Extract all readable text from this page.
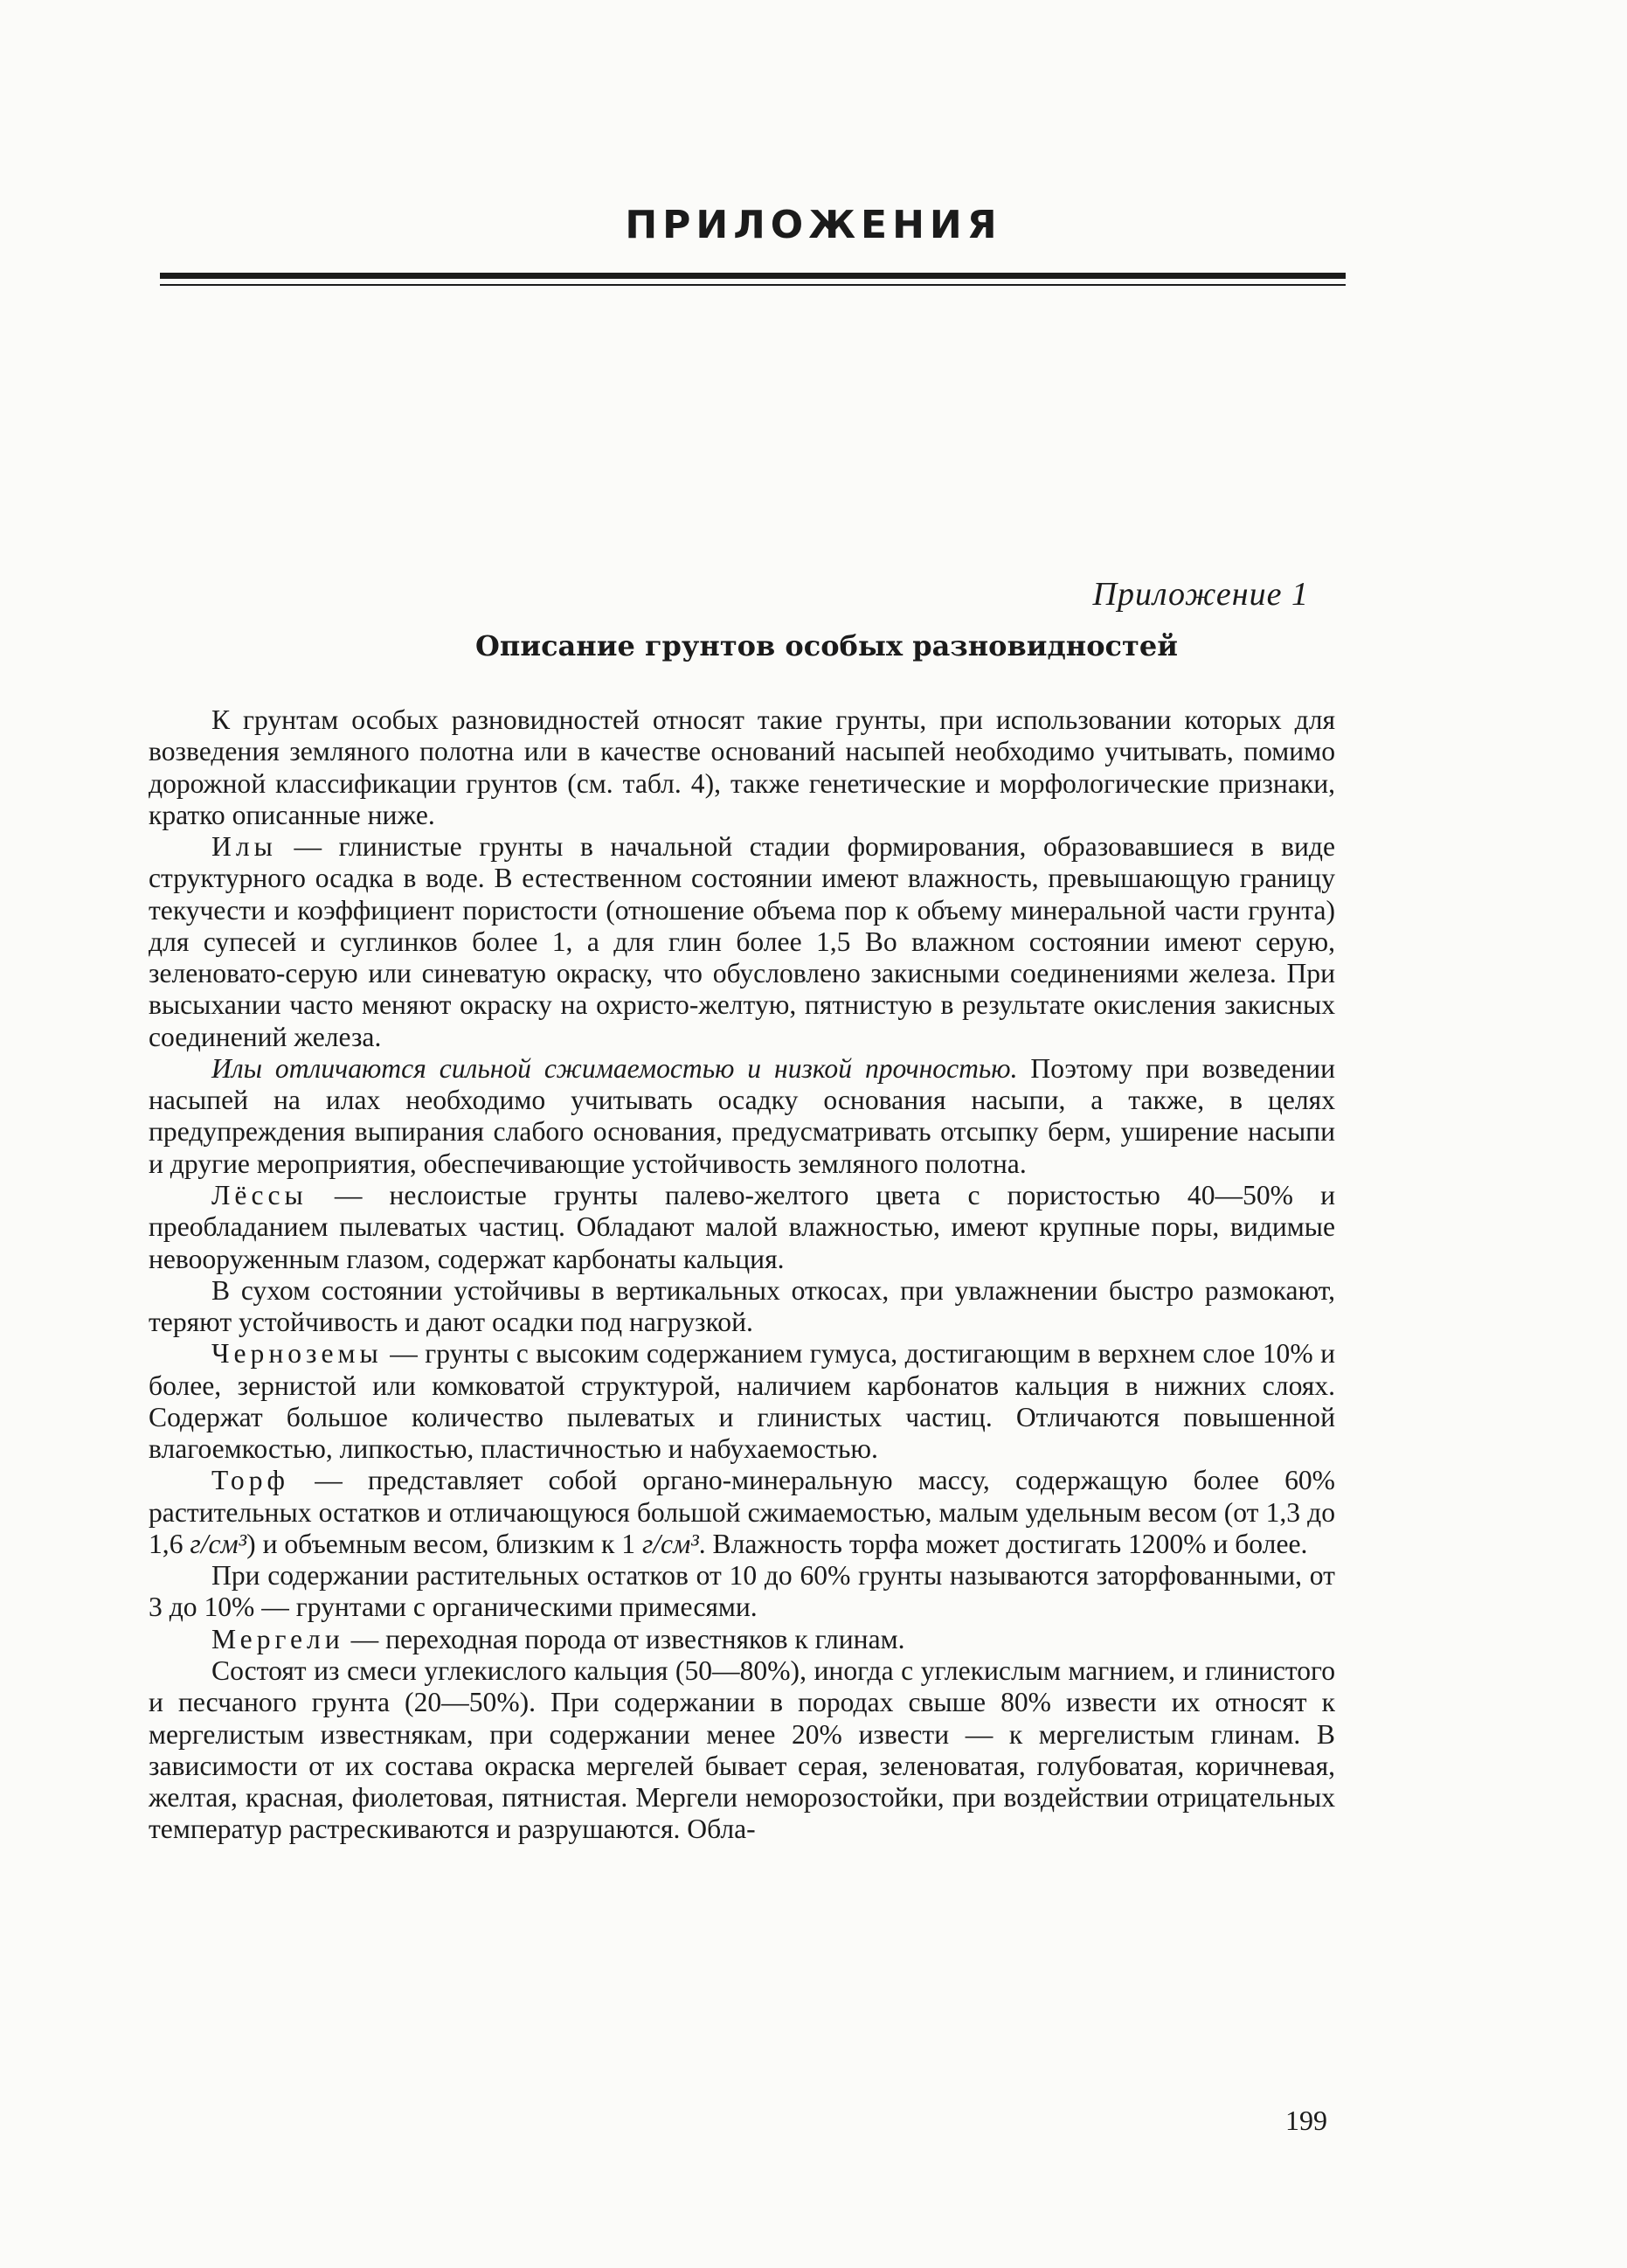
ПРИЛОЖЕНИЯ
Приложение 1
Описание грунтов особых разновидностей

К грунтам особых разновидностей относят такие грунты, при использовании которых для возведения земляного полотна или в качестве оснований насыпей необходимо учитывать, помимо дорожной классификации грунтов (см. табл. 4), также генетические и морфологические признаки, кратко описанные ниже.

Илы — глинистые грунты в начальной стадии формирования, образовавшиеся в виде структурного осадка в воде. В естественном состоянии имеют влажность, превышающую границу текучести и коэффициент пористости (отношение объема пор к объему минеральной части грунта) для супесей и суглинков более 1, а для глин более 1,5 Во влажном состоянии имеют серую, зеленовато-серую или синеватую окраску, что обусловлено закисными соединениями железа. При высыхании часто меняют окраску на охристо-желтую, пятнистую в результате окисления закисных соединений железа.

Илы отличаются сильной сжимаемостью и низкой прочностью. Поэтому при возведении насыпей на илах необходимо учитывать осадку основания насыпи, а также, в целях предупреждения выпирания слабого основания, предусматривать отсыпку берм, уширение насыпи и другие мероприятия, обеспечивающие устойчивость земляного полотна.

Лёссы — неслоистые грунты палево-желтого цвета с пористостью 40—50% и преобладанием пылеватых частиц. Обладают малой влажностью, имеют крупные поры, видимые невооруженным глазом, содержат карбонаты кальция.

В сухом состоянии устойчивы в вертикальных откосах, при увлажнении быстро размокают, теряют устойчивость и дают осадки под нагрузкой.

Черноземы — грунты с высоким содержанием гумуса, достигающим в верхнем слое 10% и более, зернистой или комковатой структурой, наличием карбонатов кальция в нижних слоях. Содержат большое количество пылеватых и глинистых частиц. Отличаются повышенной влагоемкостью, липкостью, пластичностью и набухаемостью.

Торф — представляет собой органо-минеральную массу, содержащую более 60% растительных остатков и отличающуюся большой сжимаемостью, малым удельным весом (от 1,3 до 1,6 г/см³) и объемным весом, близким к 1 г/см³. Влажность торфа может достигать 1200% и более.

При содержании растительных остатков от 10 до 60% грунты называются заторфованными, от 3 до 10% — грунтами с органическими примесями.

Мергели — переходная порода от известняков к глинам.

Состоят из смеси углекислого кальция (50—80%), иногда с углекислым магнием, и глинистого и песчаного грунта (20—50%). При содержании в породах свыше 80% извести их относят к мергелистым известнякам, при содержании менее 20% извести — к мергелистым глинам. В зависимости от их состава окраска мергелей бывает серая, зеленоватая, голубоватая, коричневая, желтая, красная, фиолетовая, пятнистая. Мергели неморозостойки, при воздействии отрицательных температур растрескиваются и разрушаются. Обла-

199
